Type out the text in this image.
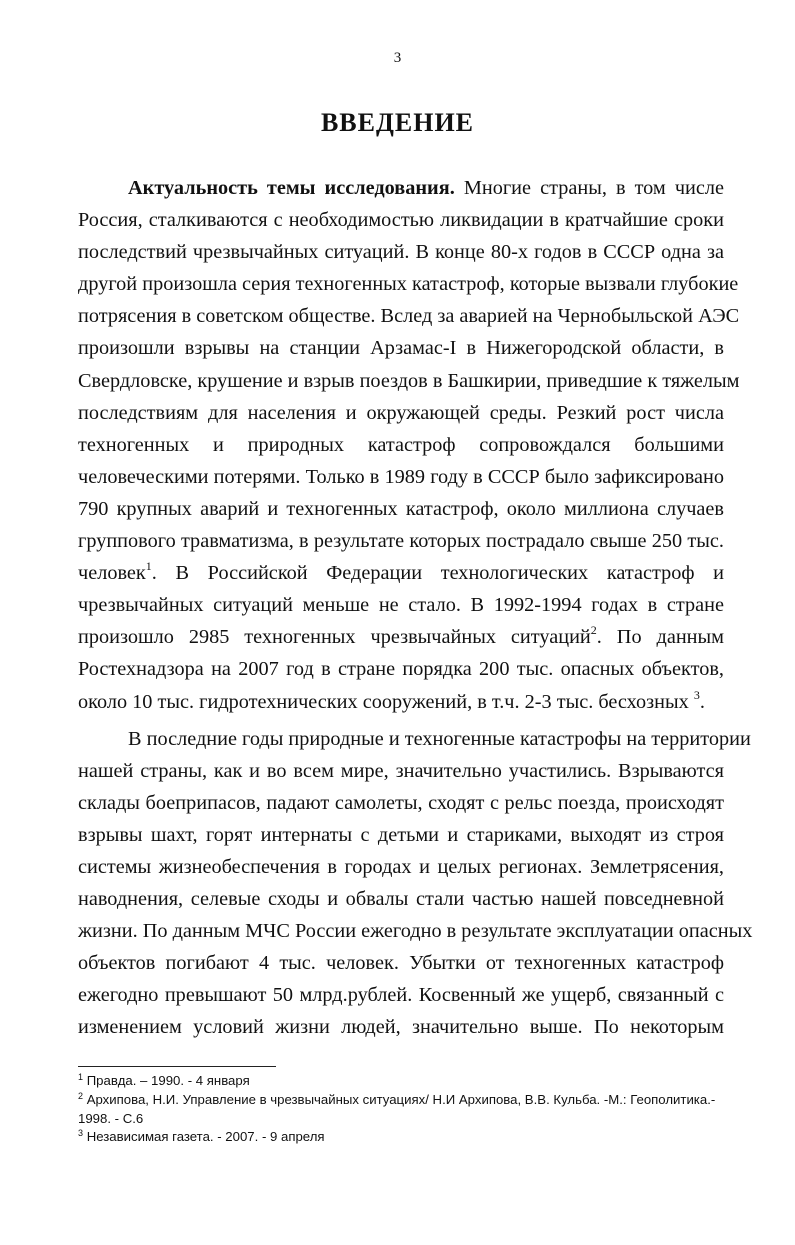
3
ВВЕДЕНИЕ
Актуальность темы исследования. Многие страны, в том числе
Россия, сталкиваются с необходимостью ликвидации в кратчайшие сроки
последствий чрезвычайных ситуаций. В конце 80-х годов в СССР одна за
другой произошла серия техногенных катастроф, которые вызвали глубокие
потрясения в советском обществе. Вслед за аварией на Чернобыльской АЭС
произошли взрывы на станции Арзамас-I в Нижегородской области, в
Свердловске, крушение и взрыв поездов в Башкирии, приведшие к тяжелым
последствиям для населения и окружающей среды. Резкий рост числа
техногенных и природных катастроф сопровождался большими
человеческими потерями. Только в 1989 году в СССР было зафиксировано
790 крупных аварий и техногенных катастроф, около миллиона случаев
группового травматизма, в результате которых пострадало свыше 250 тыс.
человек$^1$. В Российской Федерации технологических катастроф и
чрезвычайных ситуаций меньше не стало. В 1992-1994 годах в стране
произошло 2985 техногенных чрезвычайных ситуаций$^2$. По данным
Ростехнадзора на 2007 год в стране порядка 200 тыс. опасных объектов,
около 10 тыс. гидротехнических сооружений, в т.ч. 2-3 тыс. бесхозных $^3$.
В последние годы природные и техногенные катастрофы на территории
нашей страны, как и во всем мире, значительно участились. Взрываются
склады боеприпасов, падают самолеты, сходят с рельс поезда, происходят
взрывы шахт, горят интернаты с детьми и стариками, выходят из строя
системы жизнеобеспечения в городах и целых регионах. Землетрясения,
наводнения, селевые сходы и обвалы стали частью нашей повседневной
жизни. По данным МЧС России ежегодно в результате эксплуатации опасных
объектов погибают 4 тыс. человек. Убытки от техногенных катастроф
ежегодно превышают 50 млрд.рублей. Косвенный же ущерб, связанный с
изменением условий жизни людей, значительно выше. По некоторым
$^1$ Правда. – 1990. - 4 января
$^2$ Архипова, Н.И. Управление в чрезвычайных ситуациях/ Н.И Архипова, В.В. Кульба. -М.: Геополитика.-
1998. - С.6
$^3$ Независимая газета. - 2007. - 9 апреля
